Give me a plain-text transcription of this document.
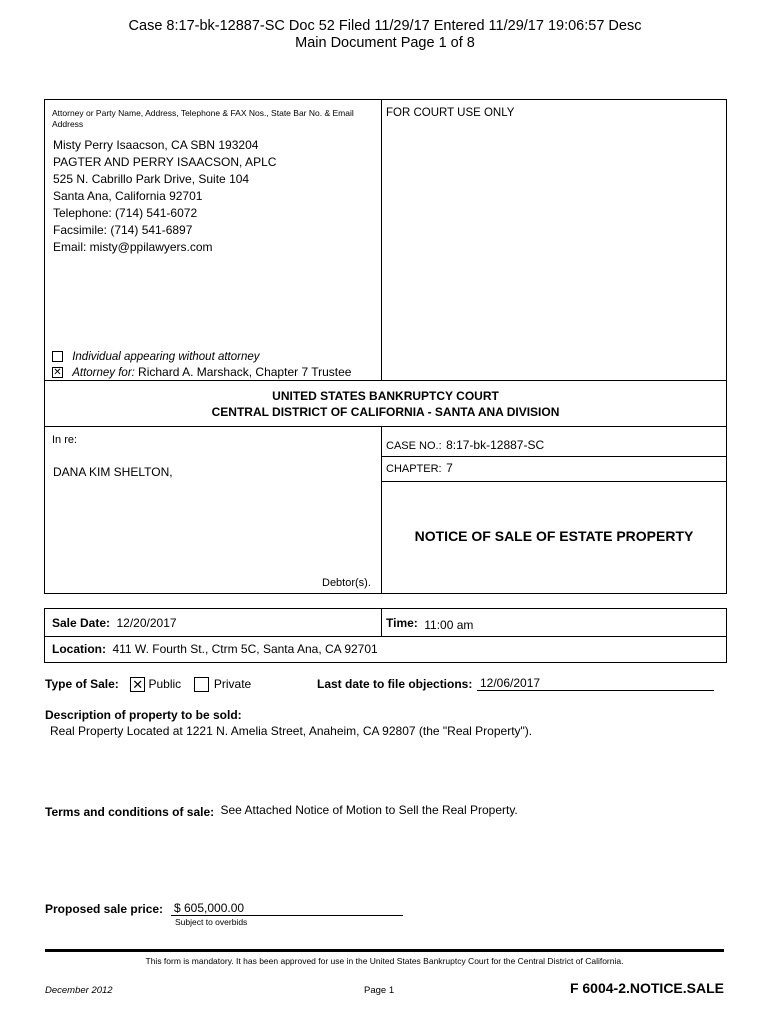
Case 8:17-bk-12887-SC Doc 52 Filed 11/29/17 Entered 11/29/17 19:06:57 Desc
Main Document Page 1 of 8
Attorney or Party Name, Address, Telephone & FAX Nos., State Bar No. & Email Address
Misty Perry Isaacson, CA SBN 193204
PAGTER AND PERRY ISAACSON, APLC
525 N. Cabrillo Park Drive, Suite 104
Santa Ana, California 92701
Telephone: (714) 541-6072
Facsimile: (714) 541-6897
Email: misty@ppilawyers.com
FOR COURT USE ONLY
Individual appearing without attorney
✕ Attorney for: Richard A. Marshack, Chapter 7 Trustee
UNITED STATES BANKRUPTCY COURT
CENTRAL DISTRICT OF CALIFORNIA - SANTA ANA DIVISION
In re:
DANA KIM SHELTON,
Debtor(s).
CASE NO.: 8:17-bk-12887-SC
CHAPTER: 7
NOTICE OF SALE OF ESTATE PROPERTY
Sale Date: 12/20/2017	Time: 11:00 am
Location: 411 W. Fourth St., Ctrm 5C, Santa Ana, CA 92701
Type of Sale: ✕ Public	Private	Last date to file objections: 12/06/2017
Description of property to be sold:
Real Property Located at 1221 N. Amelia Street, Anaheim, CA 92807 (the "Real Property").
Terms and conditions of sale: See Attached Notice of Motion to Sell the Real Property.
Proposed sale price: $ 605,000.00
Subject to overbids
This form is mandatory. It has been approved for use in the United States Bankruptcy Court for the Central District of California.
December 2012	Page 1	F 6004-2.NOTICE.SALE
